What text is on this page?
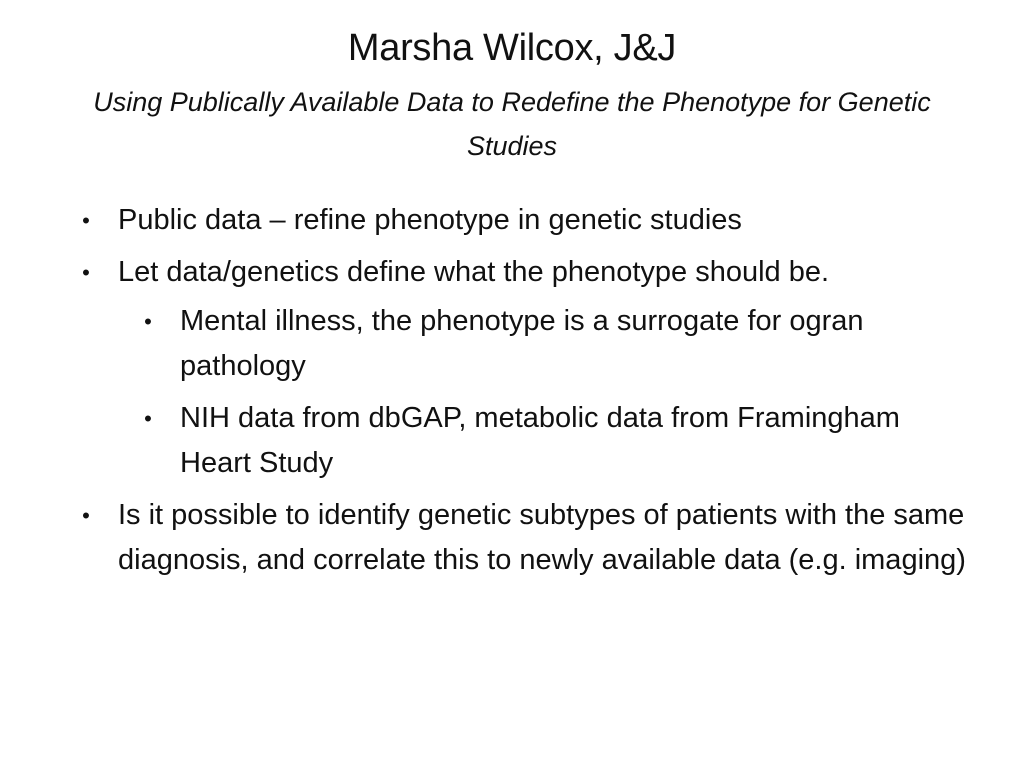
Marsha Wilcox, J&J

Using Publically Available Data to Redefine the Phenotype for Genetic Studies

• Public data – refine phenotype in genetic studies
• Let data/genetics define what the phenotype should be.
• Mental illness, the phenotype is a surrogate for ogran pathology
• NIH data from dbGAP, metabolic data from Framingham Heart Study
• Is it possible to identify genetic subtypes of patients with the same diagnosis, and correlate this to newly available data (e.g. imaging)
